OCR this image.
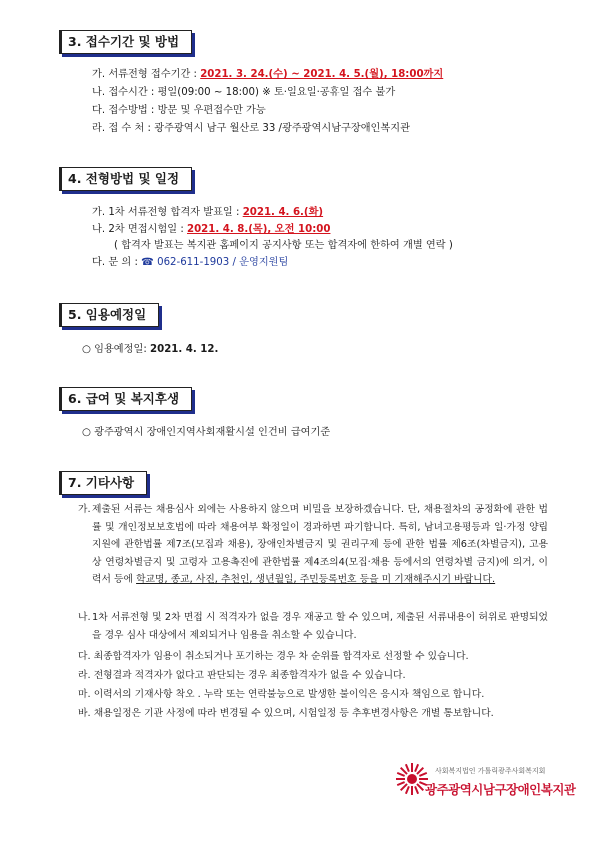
3. 접수기간 및 방법
가. 서류전형 접수기간 : 2021. 3. 24.(수) ~ 2021. 4. 5.(월), 18:00까지
나. 접수시간 : 평일(09:00 ~ 18:00) ※ 토·일요일·공휴일 접수 불가
다. 접수방법 : 방문 및 우편접수만 가능
라. 접 수 처 : 광주광역시 남구 월산로 33 /광주광역시남구장애인복지관
4. 전형방법 및 일정
가. 1차 서류전형 합격자 발표일 : 2021. 4. 6.(화)
나. 2차 면접시험일 : 2021. 4. 8.(목), 오전 10:00
( 합격자 발표는 복지관 홈페이지 공지사항 또는 합격자에 한하여 개별 연락 )
다. 문 의 : ☎ 062-611-1903 / 운영지원팀
5. 임용예정일
○ 임용예정일: 2021. 4. 12.
6. 급여 및 복지후생
○ 광주광역시 장애인지역사회재활시설 인건비 급여기준
7. 기타사항
가. 제출된 서류는 채용심사 외에는 사용하지 않으며 비밀을 보장하겠습니다. 단, 채용절차의 공정화에 관한 법률 및 개인정보보호법에 따라 채용여부 확정일이 경과하면 파기합니다. 특히, 남녀고용평등과 일·가정 양립지원에 관한법률 제7조(모집과 채용), 장애인차별금지 및 권리구제 등에 관한 법률 제6조(차별금지), 고용 상 연령차별금지 및 고령자 고용촉진에 관한법률 제4조의4(모집·채용 등에서의 연령차별 금지)에 의거, 이력서 등에 학교명, 종교, 사진, 추천인, 생년월일, 주민등록번호 등을 미 기재해주시기 바랍니다.
나. 1차 서류전형 및 2차 면접 시 적격자가 없을 경우 재공고 할 수 있으며, 제출된 서류내용이 허위로 판명되었을 경우 심사 대상에서 제외되거나 임용을 취소할 수 있습니다.
다. 최종합격자가 임용이 취소되거나 포기하는 경우 차 순위를 합격자로 선정할 수 있습니다.
라. 전형결과 적격자가 없다고 판단되는 경우 최종합격자가 없을 수 있습니다.
마. 이력서의 기재사항 착오 . 누락 또는 연락불능으로 발생한 불이익은 응시자 책임으로 합니다.
바. 채용일정은 기관 사정에 따라 변경될 수 있으며, 시험일정 등 추후변경사항은 개별 통보합니다.
사회복지법인 가톨릭광주사회복지회
광주광역시남구장애인복지관
